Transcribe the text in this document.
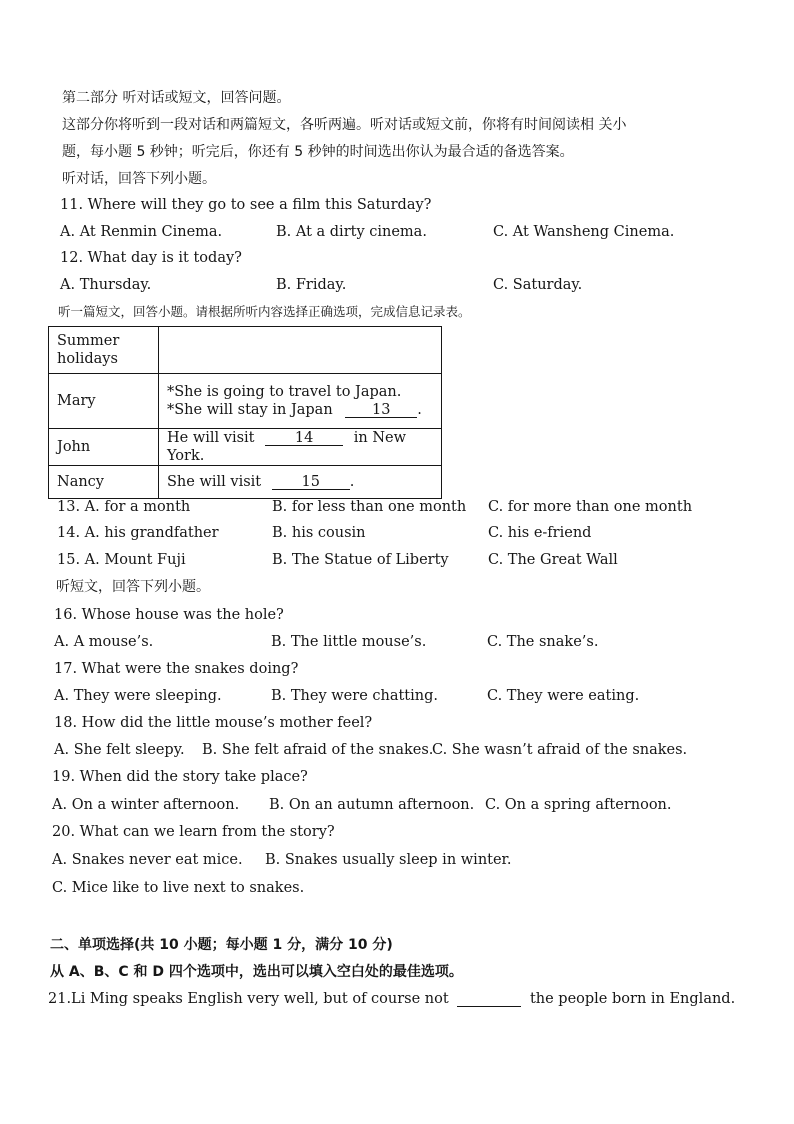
第二部分 听对话或短文，回答问题。
这部分你将听到一段对话和两篇短文，各听两遍。听对话或短文前，你将有时间阅读相 关小
题，每小题 5 秒钟；听完后，你还有 5 秒钟的时间选出你认为最合适的备选答案。
听对话，回答下列小题。
11. Where will they go to see a film this Saturday?
A. At Renmin Cinema.	B. At a dirty cinema.	C. At Wansheng Cinema.
12. What day is it today?
A. Thursday.	B. Friday.	C. Saturday.
听一篇短文，回答小题。请根据所听内容选择正确选项，完成信息记录表。
Summer holidays	
Mary	*She is going to travel to Japan.
*She will stay in Japan 13 .

John	He will visit 14 in New York.
Nancy	She will visit 15 .
13. A. for a month	B. for less than one month C. for more than one month
14. A. his grandfather	B. his cousin	C. his e-friend
15. A. Mount Fuji	B. The Statue of Liberty	C. The Great Wall
听短文，回答下列小题。
16. Whose house was the hole?
A. A mouse’s.	B. The little mouse’s.	C. The snake’s.
17. What were the snakes doing?
A. They were sleeping.	B. They were chatting.	C. They were eating.
18. How did the little mouse’s mother feel?
A. She felt sleepy. B. She felt afraid of the snakes.
C. She wasn’t afraid of the snakes.
19. When did the story take place?
A. On a winter afternoon. B. On an autumn afternoon. C. On a spring afternoon.
20. What can we learn from the story?
A. Snakes never eat mice. B. Snakes usually sleep in winter.
C. Mice like to live next to snakes.
二、单项选择(共 10 小题；每小题 1 分，满分 10 分)
从 A、B、C 和 D 四个选项中，选出可以填入空白处的最佳选项。
21.Li Ming speaks English very well, but of course not	the people born in England.
